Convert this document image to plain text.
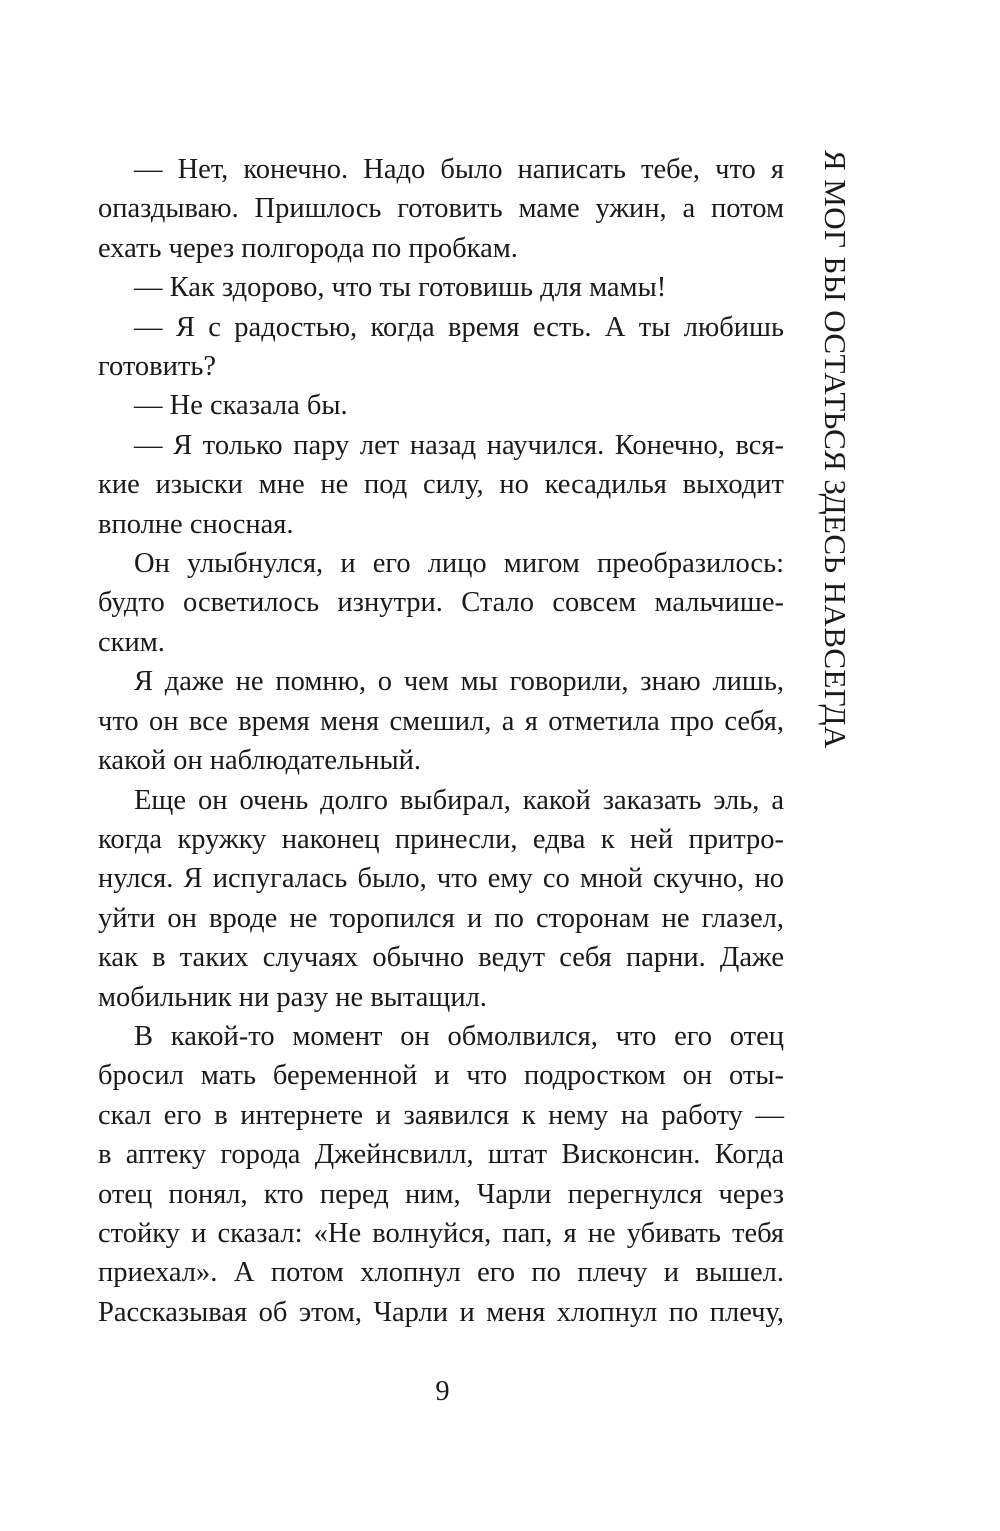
— Нет, конечно. Надо было написать тебе, что я
опаздываю. Пришлось готовить маме ужин, а потом
ехать через полгорода по пробкам.

— Как здорово, что ты готовишь для мамы!

— Я с радостью, когда время есть. А ты любишь
готовить?

— Не сказала бы.

— Я только пару лет назад научился. Конечно, вся-
кие изыски мне не под силу, но кесадилья выходит
вполне сносная.

Он улыбнулся, и его лицо мигом преобразилось:
будто осветилось изнутри. Стало совсем мальчише-
ским.

Я даже не помню, о чем мы говорили, знаю лишь,
что он все время меня смешил, а я отметила про себя,
какой он наблюдательный.

Еще он очень долго выбирал, какой заказать эль, а
когда кружку наконец принесли, едва к ней притро-
нулся. Я испугалась было, что ему со мной скучно, но
уйти он вроде не торопился и по сторонам не глазел,
как в таких случаях обычно ведут себя парни. Даже
мобильник ни разу не вытащил.

В какой-то момент он обмолвился, что его отец
бросил мать беременной и что подростком он оты-
скал его в интернете и заявился к нему на работу —
в аптеку города Джейнсвилл, штат Висконсин. Когда
отец понял, кто перед ним, Чарли перегнулся через
стойку и сказал: «Не волнуйся, пап, я не убивать тебя
приехал». А потом хлопнул его по плечу и вышел.
Рассказывая об этом, Чарли и меня хлопнул по плечу,

Я МОГ БЫ ОСТАТЬСЯ ЗДЕСЬ НАВСЕГДА
9
